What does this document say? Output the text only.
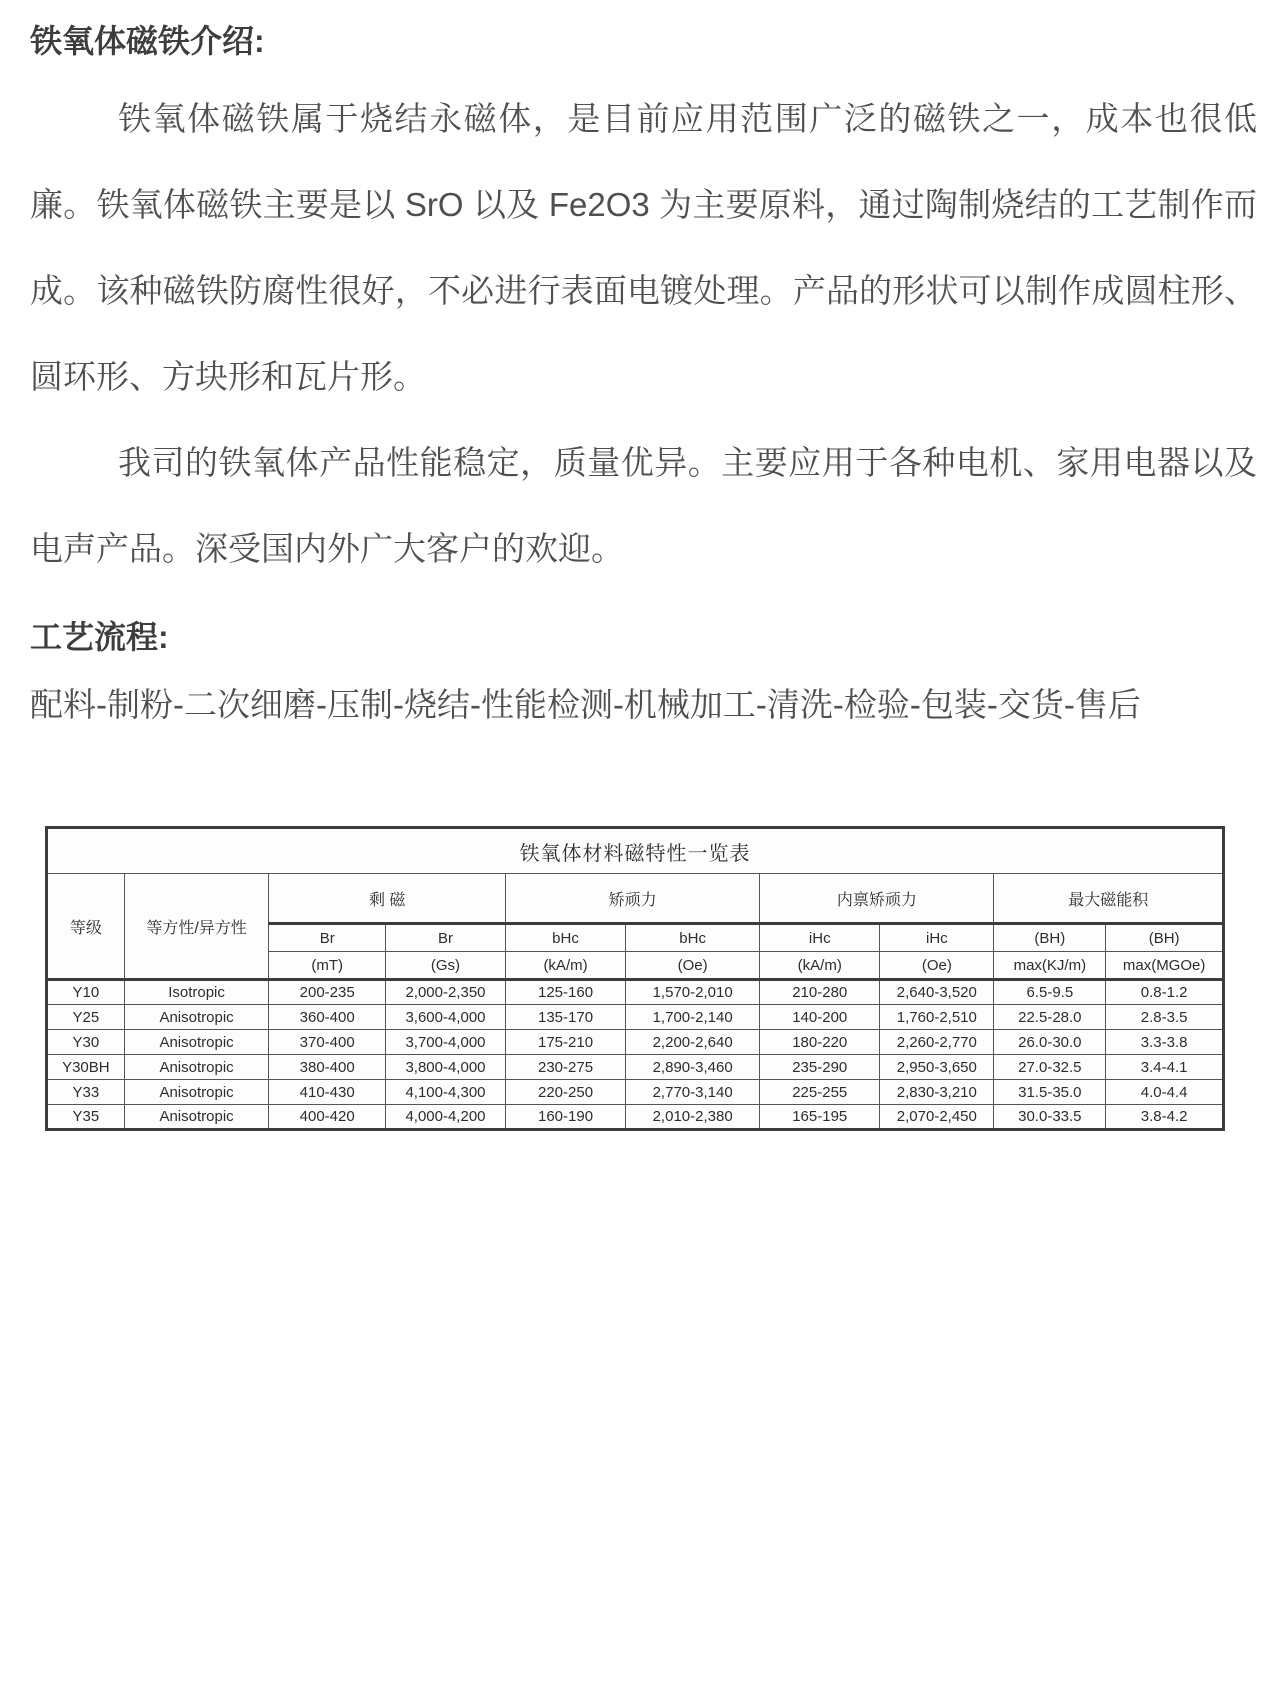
铁氧体磁铁介绍:

铁氧体磁铁属于烧结永磁体，是目前应用范围广泛的磁铁之一，成本也很低廉。铁氧体磁铁主要是以 SrO 以及 Fe2O3 为主要原料，通过陶制烧结的工艺制作而成。该种磁铁防腐性很好，不必进行表面电镀处理。产品的形状可以制作成圆柱形、圆环形、方块形和瓦片形。

我司的铁氧体产品性能稳定，质量优异。主要应用于各种电机、家用电器以及电声产品。深受国内外广大客户的欢迎。

工艺流程:

配料-制粉-二次细磨-压制-烧结-性能检测-机械加工-清洗-检验-包装-交货-售后

铁氧体材料磁特性一览表									
等级	等方性/异方性	剩 磁		矫顽力		内禀矫顽力		最大磁能积	
		Br	Br	bHc	bHc	iHc	iHc	(BH)	(BH)
		(mT)	(Gs)	(kA/m)	(Oe)	(kA/m)	(Oe)	max(KJ/m)	max(MGOe)
Y10	Isotropic	200-235	2,000-2,350	125-160	1,570-2,010	210-280	2,640-3,520	6.5-9.5	0.8-1.2
Y25	Anisotropic	360-400	3,600-4,000	135-170	1,700-2,140	140-200	1,760-2,510	22.5-28.0	2.8-3.5
Y30	Anisotropic	370-400	3,700-4,000	175-210	2,200-2,640	180-220	2,260-2,770	26.0-30.0	3.3-3.8
Y30BH	Anisotropic	380-400	3,800-4,000	230-275	2,890-3,460	235-290	2,950-3,650	27.0-32.5	3.4-4.1
Y33	Anisotropic	410-430	4,100-4,300	220-250	2,770-3,140	225-255	2,830-3,210	31.5-35.0	4.0-4.4
Y35	Anisotropic	400-420	4,000-4,200	160-190	2,010-2,380	165-195	2,070-2,450	30.0-33.5	3.8-4.2
